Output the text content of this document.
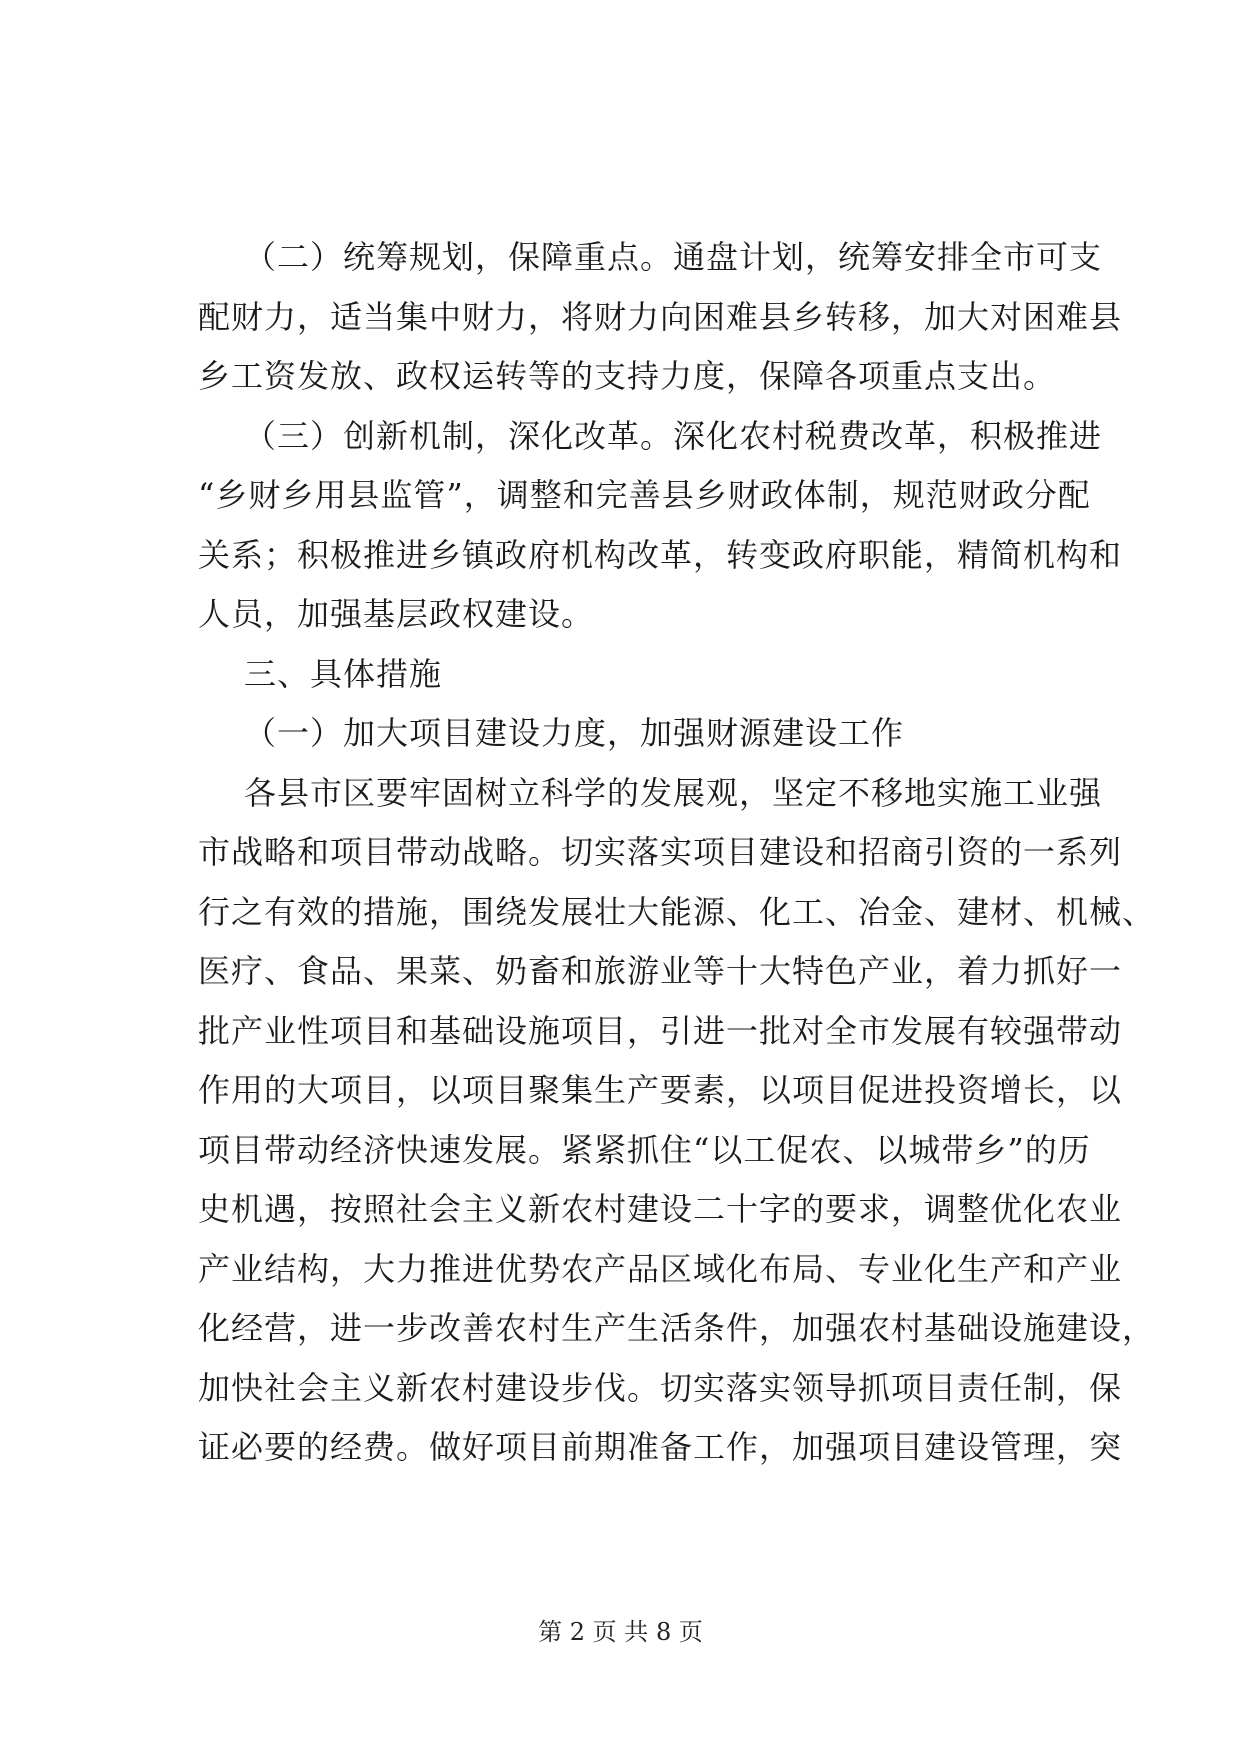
（二）统筹规划，保障重点。通盘计划，统筹安排全市可支
配财力，适当集中财力，将财力向困难县乡转移，加大对困难县
乡工资发放、政权运转等的支持力度，保障各项重点支出。
（三）创新机制，深化改革。深化农村税费改革，积极推进
“乡财乡用县监管”，调整和完善县乡财政体制，规范财政分配
关系；积极推进乡镇政府机构改革，转变政府职能，精简机构和
人员，加强基层政权建设。
三、具体措施
（一）加大项目建设力度，加强财源建设工作
各县市区要牢固树立科学的发展观，坚定不移地实施工业强
市战略和项目带动战略。切实落实项目建设和招商引资的一系列
行之有效的措施，围绕发展壮大能源、化工、冶金、建材、机械、
医疗、食品、果菜、奶畜和旅游业等十大特色产业，着力抓好一
批产业性项目和基础设施项目，引进一批对全市发展有较强带动
作用的大项目，以项目聚集生产要素，以项目促进投资增长，以
项目带动经济快速发展。紧紧抓住“以工促农、以城带乡”的历
史机遇，按照社会主义新农村建设二十字的要求，调整优化农业
产业结构，大力推进优势农产品区域化布局、专业化生产和产业
化经营，进一步改善农村生产生活条件，加强农村基础设施建设，
加快社会主义新农村建设步伐。切实落实领导抓项目责任制，保
证必要的经费。做好项目前期准备工作，加强项目建设管理，突
第 2 页 共 8 页
